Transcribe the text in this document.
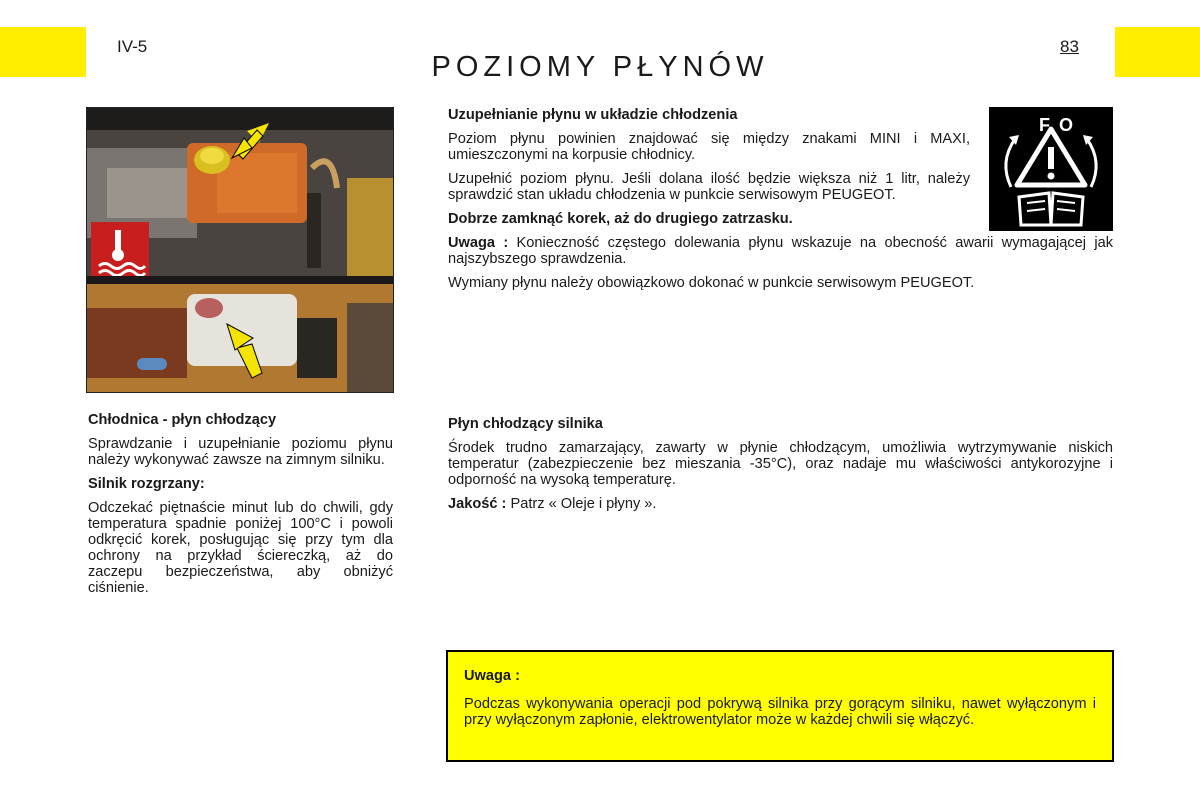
IV-5
POZIOMY PŁYNÓW
83
Chłodnica - płyn chłodzący

Sprawdzanie i uzupełnianie poziomu płynu należy wykonywać zawsze na zimnym silniku.

Silnik rozgrzany:

Odczekać piętnaście minut lub do chwili, gdy temperatura spadnie poniżej 100°C i powoli odkręcić korek, posługując się przy tym dla ochrony na przykład ściereczką, aż do zaczepu bezpieczeństwa, aby obniżyć ciśnienie.

Uzupełnianie płynu w układzie chłodzenia

Poziom płynu powinien znajdować się między znakami MINI i MAXI, umieszczonymi na korpusie chłodnicy.

Uzupełnić poziom płynu. Jeśli dolana ilość będzie większa niż 1 litr, należy sprawdzić stan układu chłodzenia w punkcie serwisowym PEUGEOT.

Dobrze zamknąć korek, aż do drugiego zatrzasku.

Uwaga : Konieczność częstego dolewania płynu wskazuje na obecność awarii wymagającej jak najszybszego sprawdzenia.

Wymiany płynu należy obowiązkowo dokonać w punkcie serwisowym PEUGEOT.

F O
Płyn chłodzący silnika

Środek trudno zamarzający, zawarty w płynie chłodzącym, umożliwia wytrzymywanie niskich temperatur (zabezpieczenie bez mieszania -35°C), oraz nadaje mu właściwości antykorozyjne i odporność na wysoką temperaturę.

Jakość : Patrz « Oleje i płyny ».

Uwaga :

Podczas wykonywania operacji pod pokrywą silnika przy gorącym silniku, nawet wyłączonym i przy wyłączonym zapłonie, elektrowentylator może w każdej chwili się włączyć.
